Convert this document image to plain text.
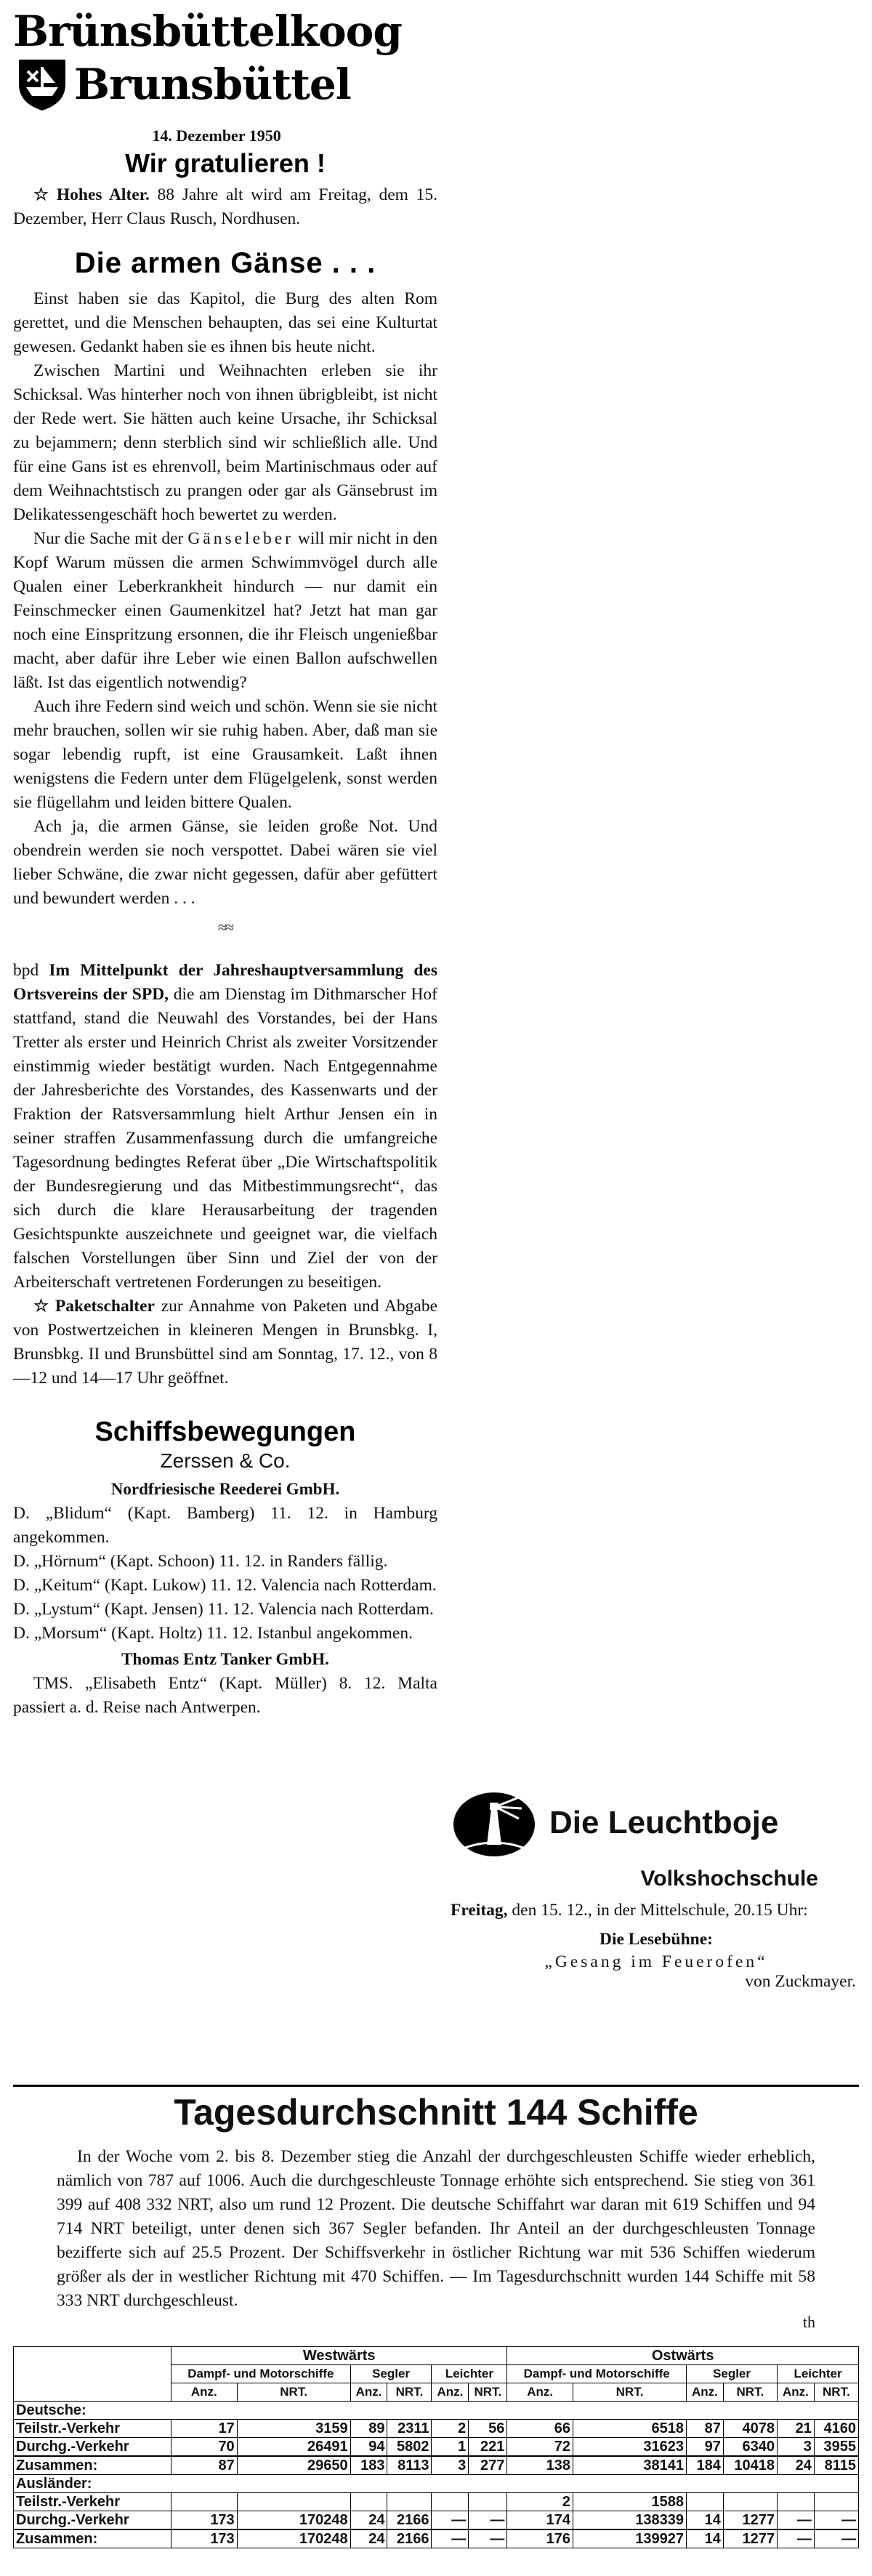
Brünsbüttelkoog
Brunsbüttel
14. Dezember 1950
Wir gratulieren !

☆ Hohes Alter. 88 Jahre alt wird am Freitag, dem 15. Dezember, Herr Claus Rusch, Nordhusen.

Die armen Gänse . . .

Einst haben sie das Kapitol, die Burg des alten Rom gerettet, und die Menschen behaupten, das sei eine Kulturtat gewesen. Gedankt haben sie es ihnen bis heute nicht.

Zwischen Martini und Weihnachten erleben sie ihr Schicksal. Was hinterher noch von ihnen übrigbleibt, ist nicht der Rede wert. Sie hätten auch keine Ursache, ihr Schicksal zu bejammern; denn sterblich sind wir schließlich alle. Und für eine Gans ist es ehrenvoll, beim Martinischmaus oder auf dem Weihnachtstisch zu prangen oder gar als Gänsebrust im Delikatessengeschäft hoch bewertet zu werden.

Nur die Sache mit der Gänseleber will mir nicht in den Kopf Warum müssen die armen Schwimmvögel durch alle Qualen einer Leberkrankheit hindurch — nur damit ein Feinschmecker einen Gaumenkitzel hat? Jetzt hat man gar noch eine Einspritzung ersonnen, die ihr Fleisch ungenießbar macht, aber dafür ihre Leber wie einen Ballon aufschwellen läßt. Ist das eigentlich notwendig?

Auch ihre Federn sind weich und schön. Wenn sie sie nicht mehr brauchen, sollen wir sie ruhig haben. Aber, daß man sie sogar lebendig rupft, ist eine Grausamkeit. Laßt ihnen wenigstens die Federn unter dem Flügelgelenk, sonst werden sie flügellahm und leiden bittere Qualen.

Ach ja, die armen Gänse, sie leiden große Not. Und obendrein werden sie noch verspottet. Dabei wären sie viel lieber Schwäne, die zwar nicht gegessen, dafür aber gefüttert und bewundert werden . . .

≈≈

bpd Im Mittelpunkt der Jahreshauptversammlung des Ortsvereins der SPD, die am Dienstag im Dithmarscher Hof stattfand, stand die Neuwahl des Vorstandes, bei der Hans Tretter als erster und Heinrich Christ als zweiter Vorsitzender einstimmig wieder bestätigt wurden. Nach Entgegennahme der Jahresberichte des Vorstandes, des Kassenwarts und der Fraktion der Ratsversammlung hielt Arthur Jensen ein in seiner straffen Zusammenfassung durch die umfangreiche Tagesordnung bedingtes Referat über „Die Wirtschaftspolitik der Bundesregierung und das Mitbestimmungsrecht“, das sich durch die klare Herausarbeitung der tragenden Gesichtspunkte auszeichnete und geeignet war, die vielfach falschen Vorstellungen über Sinn und Ziel der von der Arbeiterschaft vertretenen Forderungen zu beseitigen.

☆ Paketschalter zur Annahme von Paketen und Abgabe von Postwertzeichen in kleineren Mengen in Brunsbkg. I, Brunsbkg. II und Brunsbüttel sind am Sonntag, 17. 12., von 8—12 und 14—17 Uhr geöffnet.

Schiffsbewegungen
Zerssen & Co.
Nordfriesische Reederei GmbH.

D. „Blidum“ (Kapt. Bamberg) 11. 12. in Hamburg angekommen.

D. „Hörnum“ (Kapt. Schoon) 11. 12. in Randers fällig.

D. „Keitum“ (Kapt. Lukow) 11. 12. Valencia nach Rotterdam.

D. „Lystum“ (Kapt. Jensen) 11. 12. Valencia nach Rotterdam.

D. „Morsum“ (Kapt. Holtz) 11. 12. Istanbul angekommen.

Thomas Entz Tanker GmbH.

TMS. „Elisabeth Entz“ (Kapt. Müller) 8. 12. Malta passiert a. d. Reise nach Antwerpen.

Die Leuchtboje
Volkshochschule

Freitag, den 15. 12., in der Mittelschule, 20.15 Uhr:

Die Lesebühne:
„Gesang im Feuerofen“
von Zuckmayer.
Tagesdurchschnitt 144 Schiffe

In der Woche vom 2. bis 8. Dezember stieg die Anzahl der durchgeschleusten Schiffe wieder erheblich, nämlich von 787 auf 1006. Auch die durchgeschleuste Tonnage erhöhte sich entsprechend. Sie stieg von 361 399 auf 408 332 NRT, also um rund 12 Prozent. Die deutsche Schiffahrt war daran mit 619 Schiffen und 94 714 NRT beteiligt, unter denen sich 367 Segler befanden. Ihr Anteil an der durchgeschleusten Tonnage bezifferte sich auf 25.5 Prozent. Der Schiffsverkehr in östlicher Richtung war mit 536 Schiffen wiederum größer als der in westlicher Richtung mit 470 Schiffen. — Im Tagesdurchschnitt wurden 144 Schiffe mit 58 333 NRT durchgeschleust.

th
	Westwärts						Ostwärts					
	Dampf- und Motorschiffe		Segler		Leichter		Dampf- und Motorschiffe		Segler		Leichter	
	Anz.	NRT.	Anz.	NRT.	Anz.	NRT.	Anz.	NRT.	Anz.	NRT.	Anz.	NRT.
Deutsche:												
Teilstr.-Verkehr	17	3159	89	2311	2	56	66	6518	87	4078	21	4160
Durchg.-Verkehr	70	26491	94	5802	1	221	72	31623	97	6340	3	3955
Zusammen:	87	29650	183	8113	3	277	138	38141	184	10418	24	8115
Ausländer:												
Teilstr.-Verkehr							2	1588				
Durchg.-Verkehr	173	170248	24	2166	—	—	174	138339	14	1277	—	—
Zusammen:	173	170248	24	2166	—	—	176	139927	14	1277	—	—
